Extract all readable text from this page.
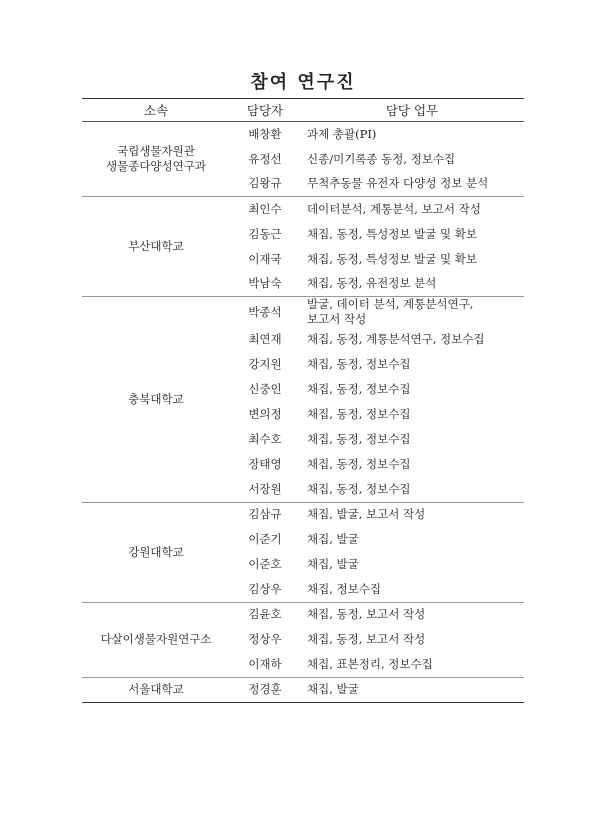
참여 연구진
소속	담당자	담당 업무

국립생물자원관
생물종다양성연구과	배창환	과제 총괄(PI)
	유정선	신종/미기록종 동정, 정보수집
	김왕규	무척추동물 유전자 다양성 정보 분석

부산대학교	최인수	데이터분석, 계통분석, 보고서 작성
	김동근	채집, 동정, 특성정보 발굴 및 확보
	이재국	채집, 동정, 특성정보 발굴 및 확보
	박남숙	채집, 동정, 유전정보 분석

충북대학교	박종석	발굴, 데이터 분석, 계통분석연구,
보고서 작성

	최연재	채집, 동정, 계통분석연구, 정보수집
	강지원	채집, 동정, 정보수집
	신중인	채집, 동정, 정보수집
	변의정	채집, 동정, 정보수집
	최수호	채집, 동정, 정보수집
	장태영	채집, 동정, 정보수집
	서장원	채집, 동정, 정보수집

강원대학교	김삼규	채집, 발굴, 보고서 작성
	이준기	채집, 발굴
	이준호	채집, 발굴
	김상우	채집, 정보수집

다살이생물자원연구소	김윤호	채집, 동정, 보고서 작성
	정상우	채집, 동정, 보고서 작성
	이재하	채집, 표본정리, 정보수집

서울대학교	정경훈	채집, 발굴
